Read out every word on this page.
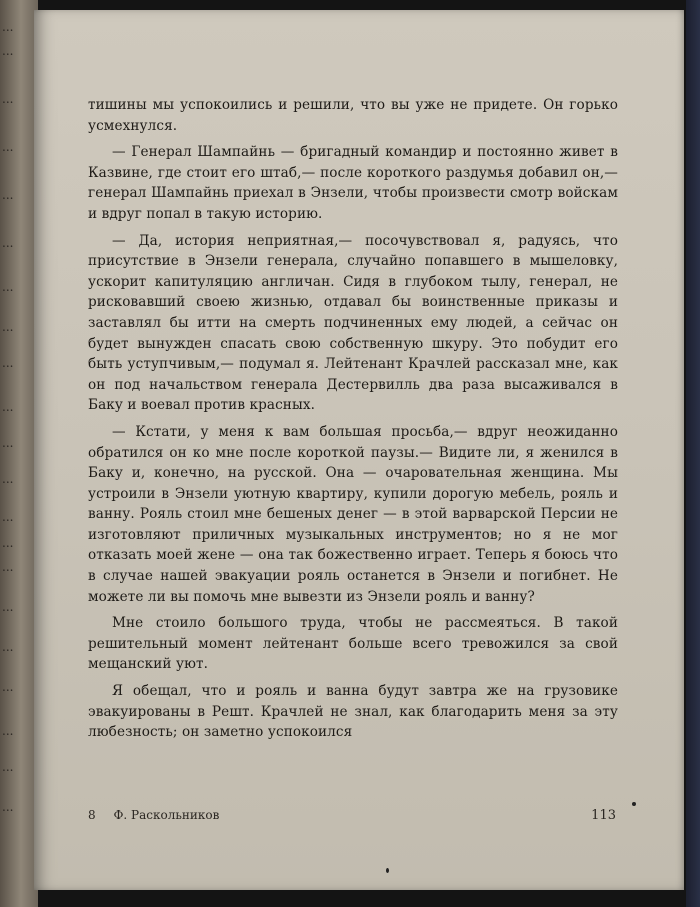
...
...
...
...
...
...
...
...
...
...
...
...
...
...
...
...
...
...
...
...
...

тишины мы успокоились и решили, что вы уже не придете. Он горько усмехнулся.

— Генерал Шампайнь — бригадный командир и постоянно живет в Казвине, где стоит его штаб,— после короткого раздумья добавил он,— генерал Шампайнь приехал в Энзели, чтобы произвести смотр войскам и вдруг попал в такую историю.

— Да, история неприятная,— посочувствовал я, радуясь, что присутствие в Энзели генерала, случайно попавшего в мышеловку, ускорит капитуляцию англичан. Сидя в глубоком тылу, генерал, не рисковавший своею жизнью, отдавал бы воинственные приказы и заставлял бы итти на смерть подчиненных ему людей, а сейчас он будет вынужден спасать свою собственную шкуру. Это побудит его быть уступчивым,— подумал я. Лейтенант Крачлей рассказал мне, как он под начальством генерала Дестервилль два раза высаживался в Баку и воевал против красных.

— Кстати, у меня к вам большая просьба,— вдруг неожиданно обратился он ко мне после короткой паузы.— Видите ли, я женился в Баку и, конечно, на русской. Она — очаровательная женщина. Мы устроили в Энзели уютную квартиру, купили дорогую мебель, рояль и ванну. Рояль стоил мне бешеных денег — в этой варварской Персии не изготовляют приличных музыкальных инструментов; но я не мог отказать моей жене — она так божественно играет. Теперь я боюсь что в случае нашей эвакуации рояль останется в Энзели и погибнет. Не можете ли вы помочь мне вывезти из Энзели рояль и ванну?

Мне стоило большого труда, чтобы не рассмеяться. В такой решительный момент лейтенант больше всего тревожился за свой мещанский уют.

Я обещал, что и рояль и ванна будут завтра же на грузовике эвакуированы в Решт. Крачлей не знал, как благодарить меня за эту любезность; он заметно успокоился

8 Ф. Раскольников	113
